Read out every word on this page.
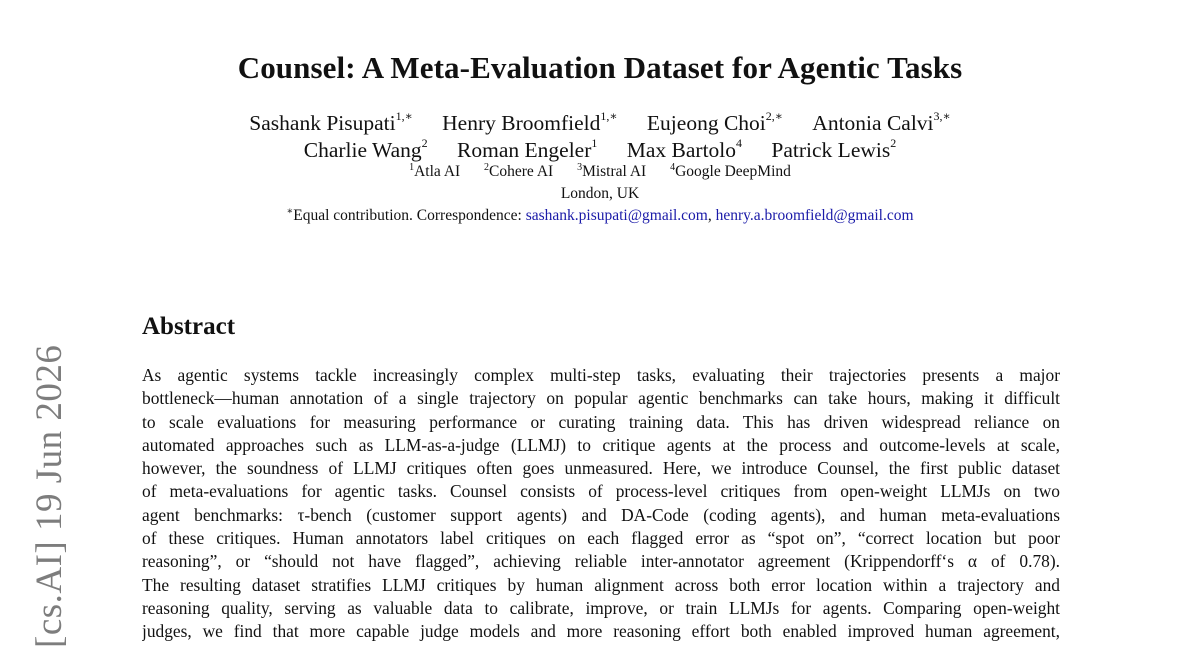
Counsel: A Meta-Evaluation Dataset for Agentic Tasks
Sashank Pisupati$^{1,∗}$ Henry Broomfield$^{1,∗}$ Eujeong Choi$^{2,∗}$ Antonia Calvi$^{3,∗}$
Charlie Wang$^2$ Roman Engeler$^1$ Max Bartolo$^4$ Patrick Lewis$^2$
$^1$Atla AI $^2$Cohere AI $^3$Mistral AI $^4$Google DeepMind
London, UK
∗Equal contribution. Correspondence: sashank.pisupati@gmail.com, henry.a.broomfield@gmail.com
Abstract
As agentic systems tackle increasingly complex multi-step tasks, evaluating their trajectories presents a major
bottleneck—human annotation of a single trajectory on popular agentic benchmarks can take hours, making it difficult
to scale evaluations for measuring performance or curating training data. This has driven widespread reliance on
automated approaches such as LLM-as-a-judge (LLMJ) to critique agents at the process and outcome-levels at scale,
however, the soundness of LLMJ critiques often goes unmeasured. Here, we introduce Counsel, the first public dataset
of meta-evaluations for agentic tasks. Counsel consists of process-level critiques from open-weight LLMJs on two
agent benchmarks: τ-bench (customer support agents) and DA-Code (coding agents), and human meta-evaluations
of these critiques. Human annotators label critiques on each flagged error as “spot on”, “correct location but poor
reasoning”, or “should not have flagged”, achieving reliable inter-annotator agreement (Krippendorff‘s α of 0.78).
The resulting dataset stratifies LLMJ critiques by human alignment across both error location within a trajectory and
reasoning quality, serving as valuable data to calibrate, improve, or train LLMJs for agents. Comparing open-weight
judges, we find that more capable judge models and more reasoning effort both enabled improved human agreement,
[cs.AI] 19 Jun 2026
